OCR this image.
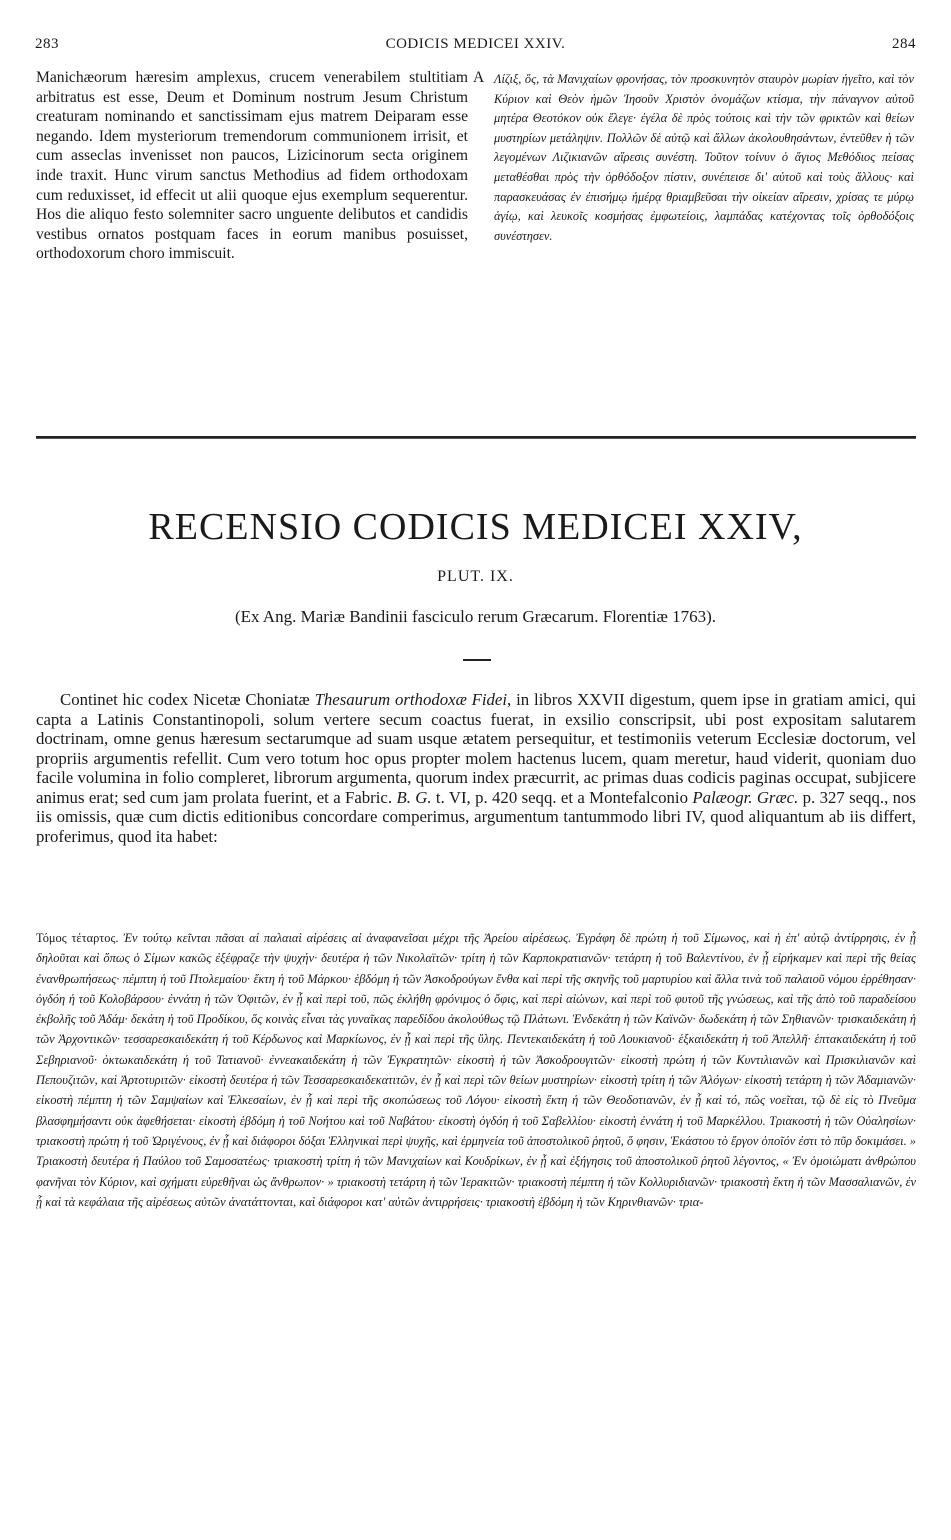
283	CODICIS MEDICEI XXIV.	284
Manichæorum hæresim amplexus, crucem venerabilem stultitiam arbitratus est esse, Deum et Dominum nostrum Jesum Christum creaturam nominando et sanctissimam ejus matrem Deiparam esse negando. Idem mysteriorum tremendorum communionem irrisit, et cum asseclas invenisset non paucos, Lizicinorum secta originem inde traxit. Hunc virum sanctus Methodius ad fidem orthodoxam cum reduxisset, id effecit ut alii quoque ejus exemplum sequerentur. Hos die aliquo festo solemniter sacro unguente delibutos et candidis vestibus ornatos postquam faces in eorum manibus posuisset, orthodoxorum choro immiscuit.
A Λίζιξ, ὅς, τὰ Μανιχαίων φρονήσας, τὸν προσκυνητὸν σταυρὸν μωρίαν ἡγεῖτο, καὶ τὸν Κύριον καὶ Θεὸν ἡμῶν Ἰησοῦν Χριστὸν ὀνομάζων κτίσμα, τὴν πάναγνον αὐτοῦ μητέρα Θεοτόκον οὐκ ἔλεγε· ἐγέλα δὲ πρὸς τούτοις καὶ τὴν τῶν φρικτῶν καὶ θείων μυστηρίων μετάληψιν. Πολλῶν δὲ αὐτῷ καὶ ἄλλων ἀκολουθησάντων, ἐντεῦθεν ἡ τῶν λεγομένων Λιζικιανῶν αἵρεσις συνέστη. Τοῦτον τοίνυν ὁ ἅγιος Μεθόδιος πείσας μεταθέσθαι πρὸς τὴν ὀρθόδοξον πίστιν, συνέπεισε δι' αὐτοῦ καὶ τοὺς ἄλλους· καὶ παρασκευάσας ἐν ἐπισήμῳ ἡμέρᾳ θριαμβεῦσαι τὴν οἰκείαν αἵρεσιν, χρίσας τε μύρῳ ἁγίῳ, καὶ λευκοῖς κοσμήσας ἐμφωτείοις, λαμπάδας κατέχοντας τοῖς ὀρθοδόξοις συνέστησεν.
RECENSIO CODICIS MEDICEI XXIV,
PLUT. IX.
(Ex Ang. Mariæ Bandinii fasciculo rerum Græcarum. Florentiæ 1763).
Continet hic codex Nicetæ Choniatæ Thesaurum orthodoxæ Fidei, in libros XXVII digestum, quem ipse in gratiam amici, qui capta a Latinis Constantinopoli, solum vertere secum coactus fuerat, in exsilio conscripsit, ubi post expositam salutarem doctrinam, omne genus hæresum sectarumque ad suam usque ætatem persequitur, et testimoniis veterum Ecclesiæ doctorum, vel propriis argumentis refellit. Cum vero totum hoc opus propter molem hactenus lucem, quam meretur, haud viderit, quoniam duo facile volumina in folio compleret, librorum argumenta, quorum index præcurrit, ac primas duas codicis paginas occupat, subjicere animus erat; sed cum jam prolata fuerint, et a Fabric. B. G. t. VI, p. 420 seqq. et a Montefalconio Palæogr. Græc. p. 327 seqq., nos iis omissis, quæ cum dictis editionibus concordare comperimus, argumentum tantummodo libri IV, quod aliquantum ab iis differt, proferimus, quod ita habet:
Τόμος τέταρτος. Ἐν τούτῳ κεῖνται πᾶσαι αἱ παλαιαὶ αἱρέσεις αἱ ἀναφανεῖσαι μέχρι τῆς Ἀρείου αἱρέσεως. Ἐγράφη δὲ πρώτη ἡ τοῦ Σίμωνος, καὶ ἡ ἐπ' αὐτῷ ἀντίρρησις, ἐν ᾗ δηλοῦται καὶ ὅπως ὁ Σίμων κακῶς ἐξέφραζε τὴν ψυχήν· δευτέρα ἡ τῶν Νικολαϊτῶν· τρίτη ἡ τῶν Καρποκρατιανῶν· τετάρτη ἡ τοῦ Βαλεντίνου, ἐν ᾗ εἰρήκαμεν καὶ περὶ τῆς θείας ἐνανθρωπήσεως· πέμπτη ἡ τοῦ Πτολεμαίου· ἕκτη ἡ τοῦ Μάρκου· ἑβδόμη ἡ τῶν Ἀσκοδρούγων ἔνθα καὶ περὶ τῆς σκηνῆς τοῦ μαρτυρίου καὶ ἄλλα τινὰ τοῦ παλαιοῦ νόμου ἐρρέθησαν· ὀγδόη ἡ τοῦ Κολοβάρσου· ἐννάτη ἡ τῶν Ὀφιτῶν, ἐν ᾗ καὶ περὶ τοῦ, πῶς ἐκλήθη φρόνιμος ὁ ὄφις, καὶ περὶ αἰώνων, καὶ περὶ τοῦ φυτοῦ τῆς γνώσεως, καὶ τῆς ἀπὸ τοῦ παραδείσου ἐκβολῆς τοῦ Ἀδάμ· δεκάτη ἡ τοῦ Προδίκου, ὅς κοινὰς εἶναι τὰς γυναῖκας παρεδίδου ἀκολούθως τῷ Πλάτωνι. Ἑνδεκάτη ἡ τῶν Καϊνῶν· δωδεκάτη ἡ τῶν Σηθιανῶν· τρισκαιδεκάτη ἡ τῶν Ἀρχοντικῶν· τεσσαρεσκαιδεκάτη ἡ τοῦ Κέρδωνος καὶ Μαρκίωνος, ἐν ᾗ καὶ περὶ τῆς ὕλης. Πεντεκαιδεκάτη ἡ τοῦ Λουκιανοῦ· ἑξκαιδεκάτη ἡ τοῦ Ἀπελλῆ· ἑπτακαιδεκάτη ἡ τοῦ Σεβηριανοῦ· ὀκτωκαιδεκάτη ἡ τοῦ Τατιανοῦ· ἐννεακαιδεκάτη ἡ τῶν Ἐγκρατητῶν· εἰκοστὴ ἡ τῶν Ἀσκοδρουγιτῶν· εἰκοστὴ πρώτη ἡ τῶν Κυντιλιανῶν καὶ Πρισκιλιανῶν καὶ Πεπουζιτῶν, καὶ Ἀρτοτυριτῶν· εἰκοστὴ δευτέρα ἡ τῶν Τεσσαρεσκαιδεκατιτῶν, ἐν ᾗ καὶ περὶ τῶν θείων μυστηρίων· εἰκοστὴ τρίτη ἡ τῶν Ἀλόγων· εἰκοστὴ τετάρτη ἡ τῶν Ἀδαμιανῶν· εἰκοστὴ πέμπτη ἡ τῶν Σαμψαίων καὶ Ἐλκεσαίων, ἐν ᾗ καὶ περὶ τῆς σκοπώσεως τοῦ Λόγου· εἰκοστὴ ἕκτη ἡ τῶν Θεοδοτιανῶν, ἐν ᾗ καὶ τό, πῶς νοεῖται, τῷ δὲ εἰς τὸ Πνεῦμα βλασφημήσαντι οὐκ ἀφεθήσεται· εἰκοστὴ ἑβδόμη ἡ τοῦ Νοήτου καὶ τοῦ Ναβάτου· εἰκοστὴ ὀγδόη ἡ τοῦ Σαβελλίου· εἰκοστὴ ἐννάτη ἡ τοῦ Μαρκέλλου. Τριακοστὴ ἡ τῶν Οὐαλησίων· τριακοστὴ πρώτη ἡ τοῦ Ὠριγένους, ἐν ᾗ καὶ διάφοροι δόξαι Ἑλληνικαὶ περὶ ψυχῆς, καὶ ἑρμηνεία τοῦ ἀποστολικοῦ ῥητοῦ, ὅ φησιν, Ἑκάστου τὸ ἔργον ὁποῖόν ἐστι τὸ πῦρ δοκιμάσει. » Τριακοστὴ δευτέρα ἡ Παύλου τοῦ Σαμοσατέως· τριακοστὴ τρίτη ἡ τῶν Μανιχαίων καὶ Κουδρίκων, ἐν ᾗ καὶ ἐξήγησις τοῦ ἀποστολικοῦ ῥητοῦ λέγοντος, « Ἐν ὁμοιώματι ἀνθρώπου φανῆναι τὸν Κύριον, καὶ σχήματι εὑρεθῆναι ὡς ἄνθρωπον· » τριακοστὴ τετάρτη ἡ τῶν Ἱερακιτῶν· τριακοστὴ πέμπτη ἡ τῶν Κολλυριδιανῶν· τριακοστὴ ἕκτη ἡ τῶν Μασσαλιανῶν, ἐν ᾗ καὶ τὰ κεφάλαια τῆς αἱρέσεως αὐτῶν ἀνατάττονται, καὶ διάφοροι κατ' αὐτῶν ἀντιρρήσεις· τριακοστὴ ἑβδόμη ἡ τῶν Κηρινθιανῶν· τρια-
